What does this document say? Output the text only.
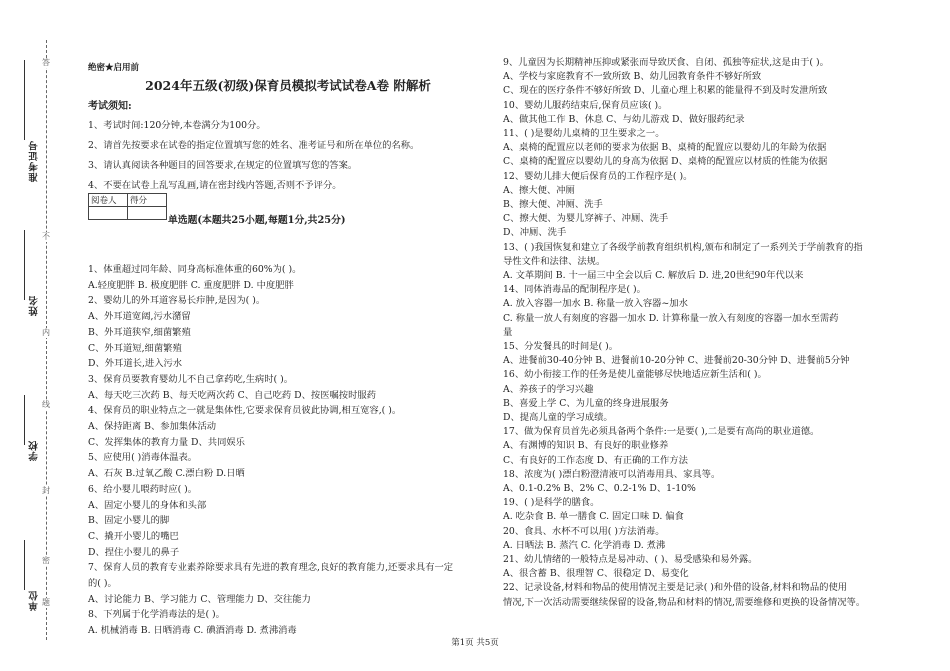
准考证号
姓名
学校
单位
答
不
内
线
封
密
题
绝密★启用前
2024年五级(初级)保育员模拟考试试卷A卷 附解析
考试须知:
1、考试时间:120分钟,本卷满分为100分。
2、请首先按要求在试卷的指定位置填写您的姓名、准考证号和所在单位的名称。
3、请认真阅读各种题目的回答要求,在规定的位置填写您的答案。
4、不要在试卷上乱写乱画,请在密封线内答题,否则不予评分。
阅卷人	得分

单选题(本题共25小题,每题1分,共25分)
1、体重超过同年龄、同身高标准体重的60%为( )。
A.轻度肥胖 B. 极度肥胖 C. 重度肥胖 D. 中度肥胖
2、婴幼儿的外耳道容易长疖肿,是因为( )。
A、外耳道宽阔,污水潴留
B、外耳道狭窄,细菌繁殖
C、外耳道短,细菌繁殖
D、外耳道长,进入污水
3、保育员要教育婴幼儿不自己拿药吃,生病时( )。
A、每天吃三次药 B、每天吃两次药 C、自己吃药 D、按医嘱按时服药
4、保育员的职业特点之一就是集体性,它要求保育员彼此协调,相互宽容,( )。
A、保持距离 B、参加集体活动
C、发挥集体的教育力量 D、共同娱乐
5、应使用( )消毒体温表。
A、石灰 B.过氧乙酸 C.漂白粉 D.日晒
6、给小婴儿喂药时应( )。
A、固定小婴儿的身体和头部
B、固定小婴儿的脚
C、撬开小婴儿的嘴巴
D、捏住小婴儿的鼻子
7、保育人员的教育专业素养除要求具有先进的教育理念,良好的教育能力,还要求具有一定
的( )。
A、讨论能力 B、学习能力 C、管理能力 D、交往能力
8、下列属于化学消毒法的是( )。
A. 机械消毒 B. 日晒消毒 C. 碘酒消毒 D. 煮沸消毒
9、儿童因为长期精神压抑或紧张而导致厌食、自闭、孤独等症状,这是由于( )。
A、学校与家庭教育不一致所致 B、幼儿园教育条件不够好所致
C、现在的医疗条件不够好所致 D、儿童心理上积累的能量得不到及时发泄所致
10、婴幼儿服药结束后,保育员应该( )。
A、做其他工作 B、休息 C、与幼儿游戏 D、做好服药纪录
11、( )是婴幼儿桌椅的卫生要求之一。
A、桌椅的配置应以老师的要求为依据 B、桌椅的配置应以婴幼儿的年龄为依据
C、桌椅的配置应以婴幼儿的身高为依据 D、桌椅的配置应以材质的性能为依据
12、婴幼儿排大便后保育员的工作程序是( )。
A、擦大便、冲厕
B、擦大便、冲厕、洗手
C、擦大便、为婴儿穿裤子、冲厕、洗手
D、冲厕、洗手
13、( )我国恢复和建立了各级学前教育组织机构,颁布和制定了一系列关于学前教育的指
导性文件和法律、法规。
A. 文革期间 B. 十一届三中全会以后 C. 解放后 D. 进,20世纪90年代以来
14、同体消毒品的配制程序是( )。
A. 放入容器一加水 B. 称量一放入容器~加水
C. 称量一放人有刻度的容器一加水 D. 计算称量一放入有刻度的容器一加水至需药
量
15、分发餐具的时间是( )。
A、进餐前30-40分钟 B、进餐前10-20分钟 C、进餐前20-30分钟 D、进餐前5分钟
16、幼小衔接工作的任务是使儿童能够尽快地适应新生活和( )。
A、养孩子的学习兴趣
B、喜爱上学 C、为儿童的终身进展服务
D、提高儿童的学习成绩。
17、做为保育员首先必须具备两个条件:一是要( ),二是要有高尚的职业道德。
A、有渊博的知识 B、有良好的职业修养
C、有良好的工作态度 D、有正确的工作方法
18、浓度为( )漂白粉澄清液可以消毒用具、家具等。
A、0.1-0.2% B、2% C、0.2-1% D、1-10%
19、( )是科学的膳食。
A. 吃杂食 B. 单一膳食 C. 固定口味 D. 偏食
20、食具、水杯不可以用( )方法消毒。
A. 日晒法 B. 蒸汽 C. 化学消毒 D. 煮沸
21、幼儿情绪的一般特点是易冲动、( )、易受感染和易外露。
A、很含蓄 B、很理智 C、很稳定 D、易变化
22、记录设备,材料和物品的使用情况主要是记录( )和外借的设备,材料和物品的使用
情况,下一次活动需要继续保留的设备,物品和材料的情况,需要维修和更换的设备情况等。
第1页 共5页
